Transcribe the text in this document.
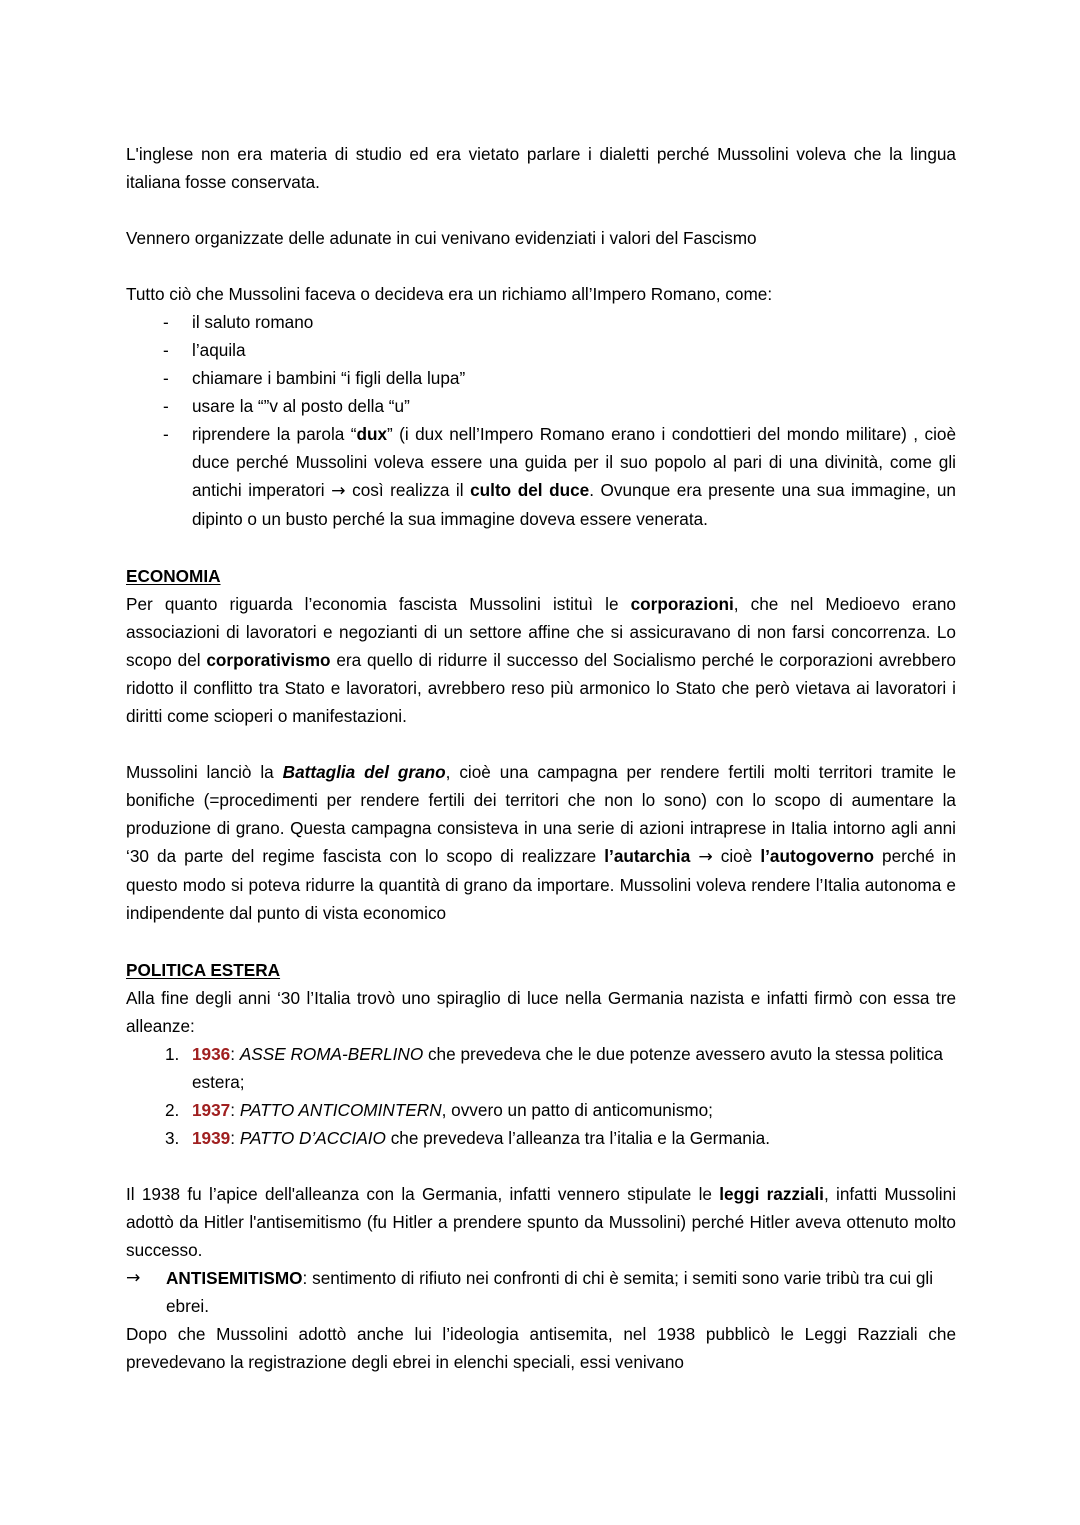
L'inglese non era materia di studio ed era vietato parlare i dialetti perché Mussolini voleva che la lingua italiana fosse conservata.

Vennero organizzate delle adunate in cui venivano evidenziati i valori del Fascismo

Tutto ciò che Mussolini faceva o decideva era un richiamo all’Impero Romano, come:

-	il saluto romano
-	l’aquila
-	chiamare i bambini “i figli della lupa”
-	usare la “”v al posto della “u”
-	riprendere la parola “dux” (i dux nell’Impero Romano erano i condottieri del mondo militare) , cioè duce perché Mussolini voleva essere una guida per il suo popolo al pari di una divinità, come gli antichi imperatori → così realizza il culto del duce. Ovunque era presente una sua immagine, un dipinto o un busto perché la sua immagine doveva essere venerata.
ECONOMIA

Per quanto riguarda l’economia fascista Mussolini istituì le corporazioni, che nel Medioevo erano associazioni di lavoratori e negozianti di un settore affine che si assicuravano di non farsi concorrenza. Lo scopo del corporativismo era quello di ridurre il successo del Socialismo perché le corporazioni avrebbero ridotto il conflitto tra Stato e lavoratori, avrebbero reso più armonico lo Stato che però vietava ai lavoratori i diritti come scioperi o manifestazioni.

Mussolini lanciò la Battaglia del grano, cioè una campagna per rendere fertili molti territori tramite le bonifiche (=procedimenti per rendere fertili dei territori che non lo sono) con lo scopo di aumentare la produzione di grano. Questa campagna consisteva in una serie di azioni intraprese in Italia intorno agli anni ‘30 da parte del regime fascista con lo scopo di realizzare l’autarchia → cioè l’autogoverno perché in questo modo si poteva ridurre la quantità di grano da importare. Mussolini voleva rendere l’Italia autonoma e indipendente dal punto di vista economico

POLITICA ESTERA

Alla fine degli anni ‘30 l’Italia trovò uno spiraglio di luce nella Germania nazista e infatti firmò con essa tre alleanze:

1. 1936: ASSE ROMA-BERLINO che prevedeva che le due potenze avessero avuto la stessa politica estera;
2. 1937: PATTO ANTICOMINTERN, ovvero un patto di anticomunismo;
3. 1939: PATTO D’ACCIAIO che prevedeva l’alleanza tra l’italia e la Germania.

Il 1938 fu l’apice dell'alleanza con la Germania, infatti vennero stipulate le leggi razziali, infatti Mussolini adottò da Hitler l'antisemitismo (fu Hitler a prendere spunto da Mussolini) perché Hitler aveva ottenuto molto successo.

→ ANTISEMITISMO: sentimento di rifiuto nei confronti di chi è semita; i semiti sono varie tribù tra cui gli ebrei.

Dopo che Mussolini adottò anche lui l’ideologia antisemita, nel 1938 pubblicò le Leggi Razziali che prevedevano la registrazione degli ebrei in elenchi speciali, essi venivano
